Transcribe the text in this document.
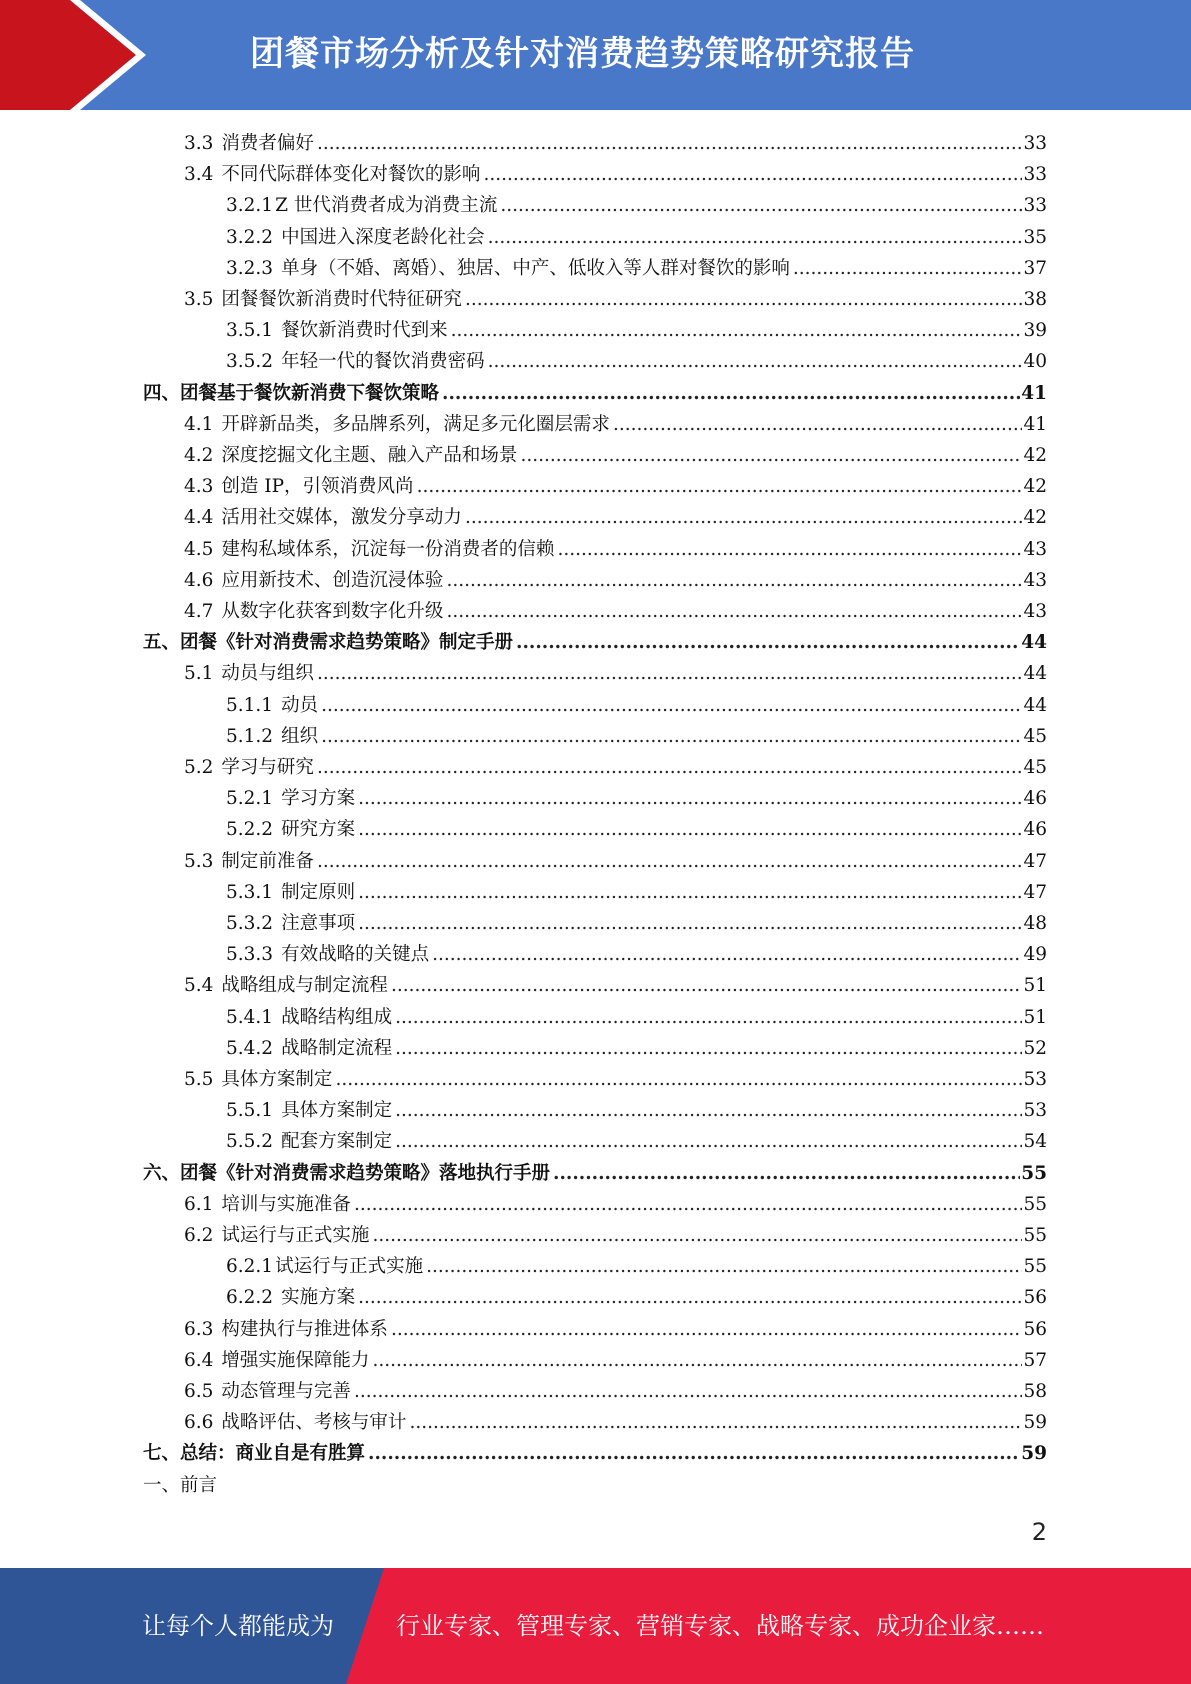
团餐市场分析及针对消费趋势策略研究报告
3.3 消费者偏好 .....	33
3.4 不同代际群体变化对餐饮的影响 .....	33
3.2.1 Z 世代消费者成为消费主流 .....	33
3.2.2 中国进入深度老龄化社会 .....	35
3.2.3 单身（不婚、离婚）、独居、中产、低收入等人群对餐饮的影响 .....	37
3.5 团餐餐饮新消费时代特征研究 .....	38
3.5.1 餐饮新消费时代到来 .....	39
3.5.2 年轻一代的餐饮消费密码 .....	40
四、团餐基于餐饮新消费下餐饮策略 .....	41
4.1 开辟新品类，多品牌系列，满足多元化圈层需求 .....	41
4.2 深度挖掘文化主题、融入产品和场景 .....	42
4.3 创造 IP，引领消费风尚 .....	42
4.4 活用社交媒体，激发分享动力 .....	42
4.5 建构私域体系，沉淀每一份消费者的信赖 .....	43
4.6 应用新技术、创造沉浸体验 .....	43
4.7 从数字化获客到数字化升级 .....	43
五、团餐《针对消费需求趋势策略》制定手册 .....	44
5.1 动员与组织 .....	44
5.1.1 动员 .....	44
5.1.2 组织 .....	45
5.2 学习与研究 .....	45
5.2.1 学习方案 .....	46
5.2.2 研究方案 .....	46
5.3 制定前准备 .....	47
5.3.1 制定原则 .....	47
5.3.2 注意事项 .....	48
5.3.3 有效战略的关键点 .....	49
5.4 战略组成与制定流程 .....	51
5.4.1 战略结构组成 .....	51
5.4.2 战略制定流程 .....	52
5.5 具体方案制定 .....	53
5.5.1 具体方案制定 .....	53
5.5.2 配套方案制定 .....	54
六、团餐《针对消费需求趋势策略》落地执行手册 .....	55
6.1 培训与实施准备 .....	55
6.2 试运行与正式实施 .....	55
6.2.1 试运行与正式实施 .....	55
6.2.2 实施方案 .....	56
6.3 构建执行与推进体系 .....	56
6.4 增强实施保障能力 .....	57
6.5 动态管理与完善 .....	58
6.6 战略评估、考核与审计 .....	59
七、总结：商业自是有胜算 .....	59
一、前言
2
让每个人都能成为	行业专家、管理专家、营销专家、战略专家、成功企业家……
